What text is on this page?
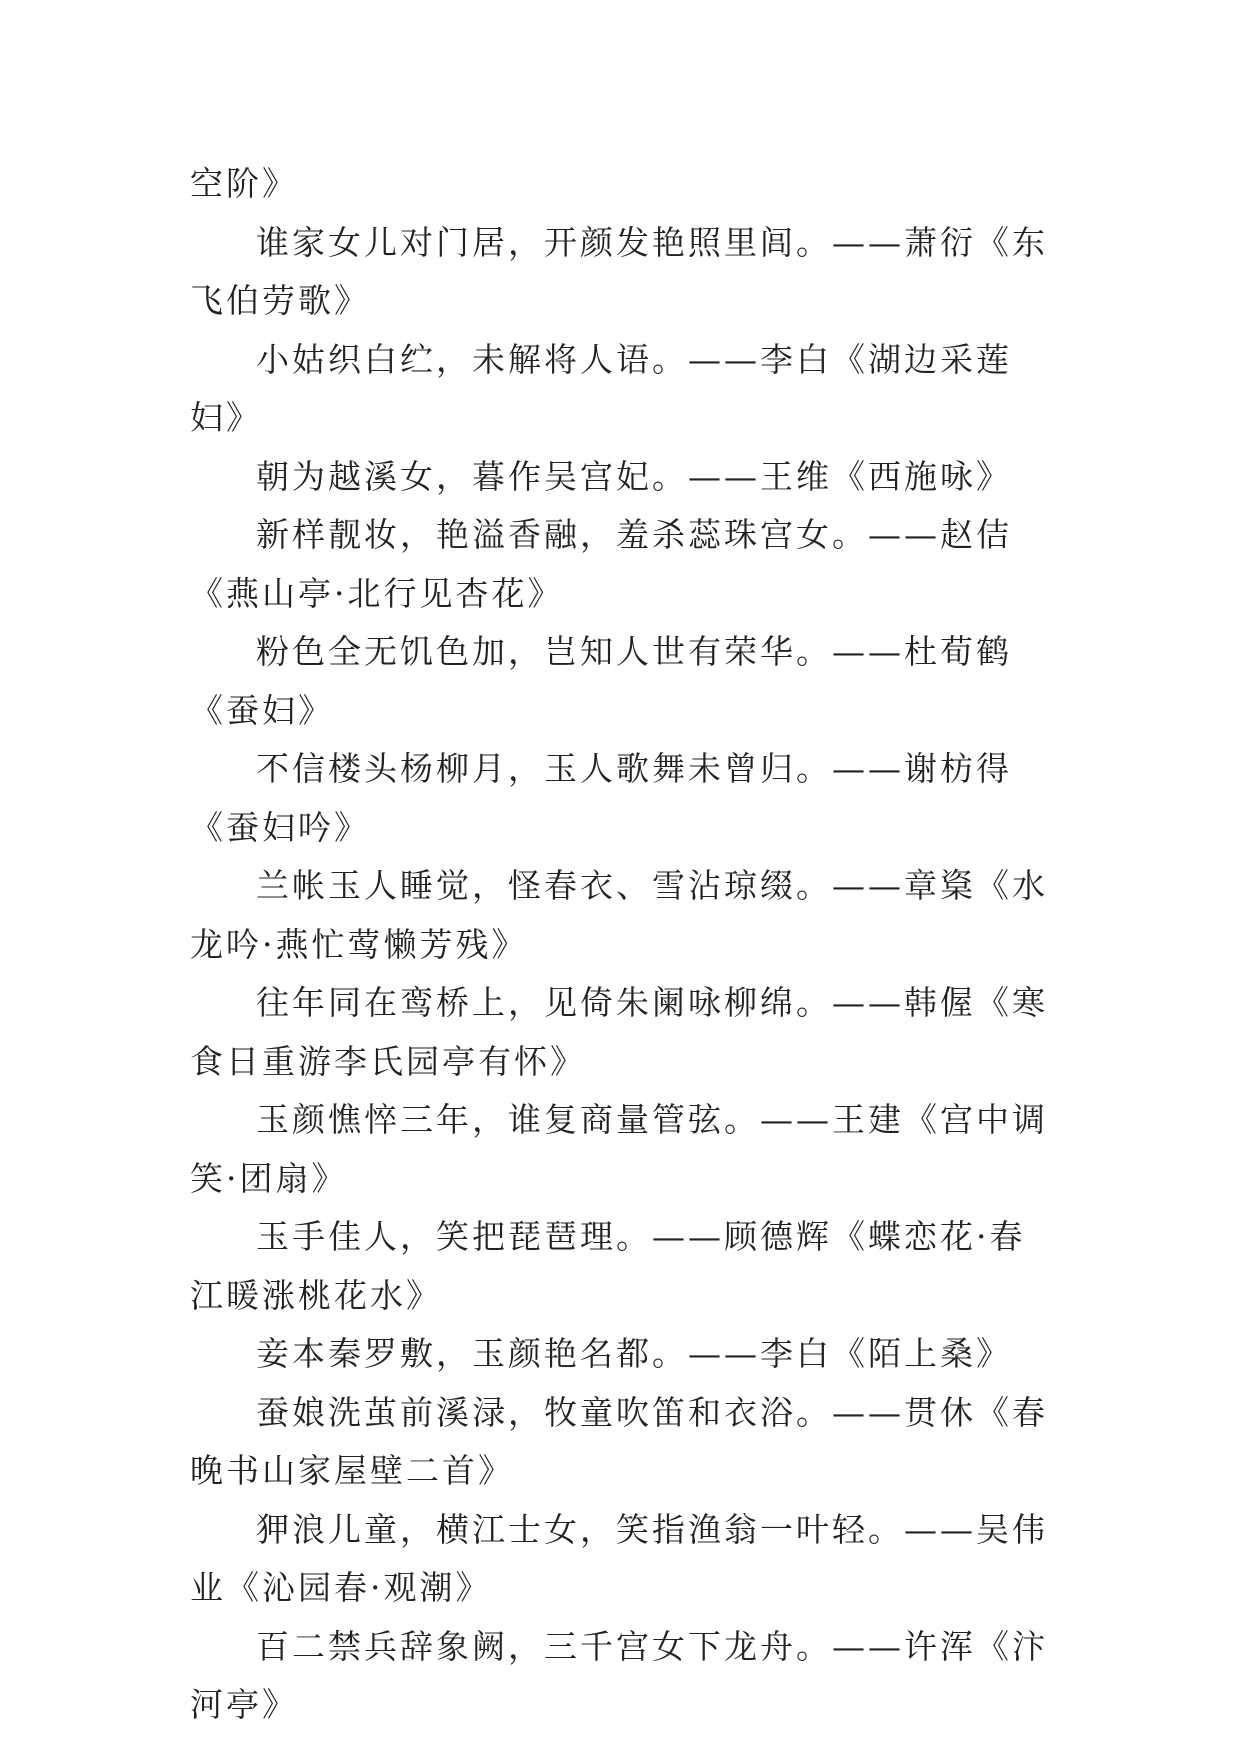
空阶》

谁家女儿对门居，开颜发艳照里闾。——萧衍《东飞伯劳歌》

小姑织白纻，未解将人语。——李白《湖边采莲妇》

朝为越溪女，暮作吴宫妃。——王维《西施咏》

新样靓妆，艳溢香融，羞杀蕊珠宫女。——赵佶《燕山亭·北行见杏花》

粉色全无饥色加，岂知人世有荣华。——杜荀鹤《蚕妇》

不信楼头杨柳月，玉人歌舞未曾归。——谢枋得《蚕妇吟》

兰帐玉人睡觉，怪春衣、雪沾琼缀。——章楶《水龙吟·燕忙莺懒芳残》

往年同在鸾桥上，见倚朱阑咏柳绵。——韩偓《寒食日重游李氏园亭有怀》

玉颜憔悴三年，谁复商量管弦。——王建《宫中调笑·团扇》

玉手佳人，笑把琵琶理。——顾德辉《蝶恋花·春江暖涨桃花水》

妾本秦罗敷，玉颜艳名都。——李白《陌上桑》

蚕娘洗茧前溪渌，牧童吹笛和衣浴。——贯休《春晚书山家屋壁二首》

狎浪儿童，横江士女，笑指渔翁一叶轻。——吴伟业《沁园春·观潮》

百二禁兵辞象阙，三千宫女下龙舟。——许浑《汴河亭》
